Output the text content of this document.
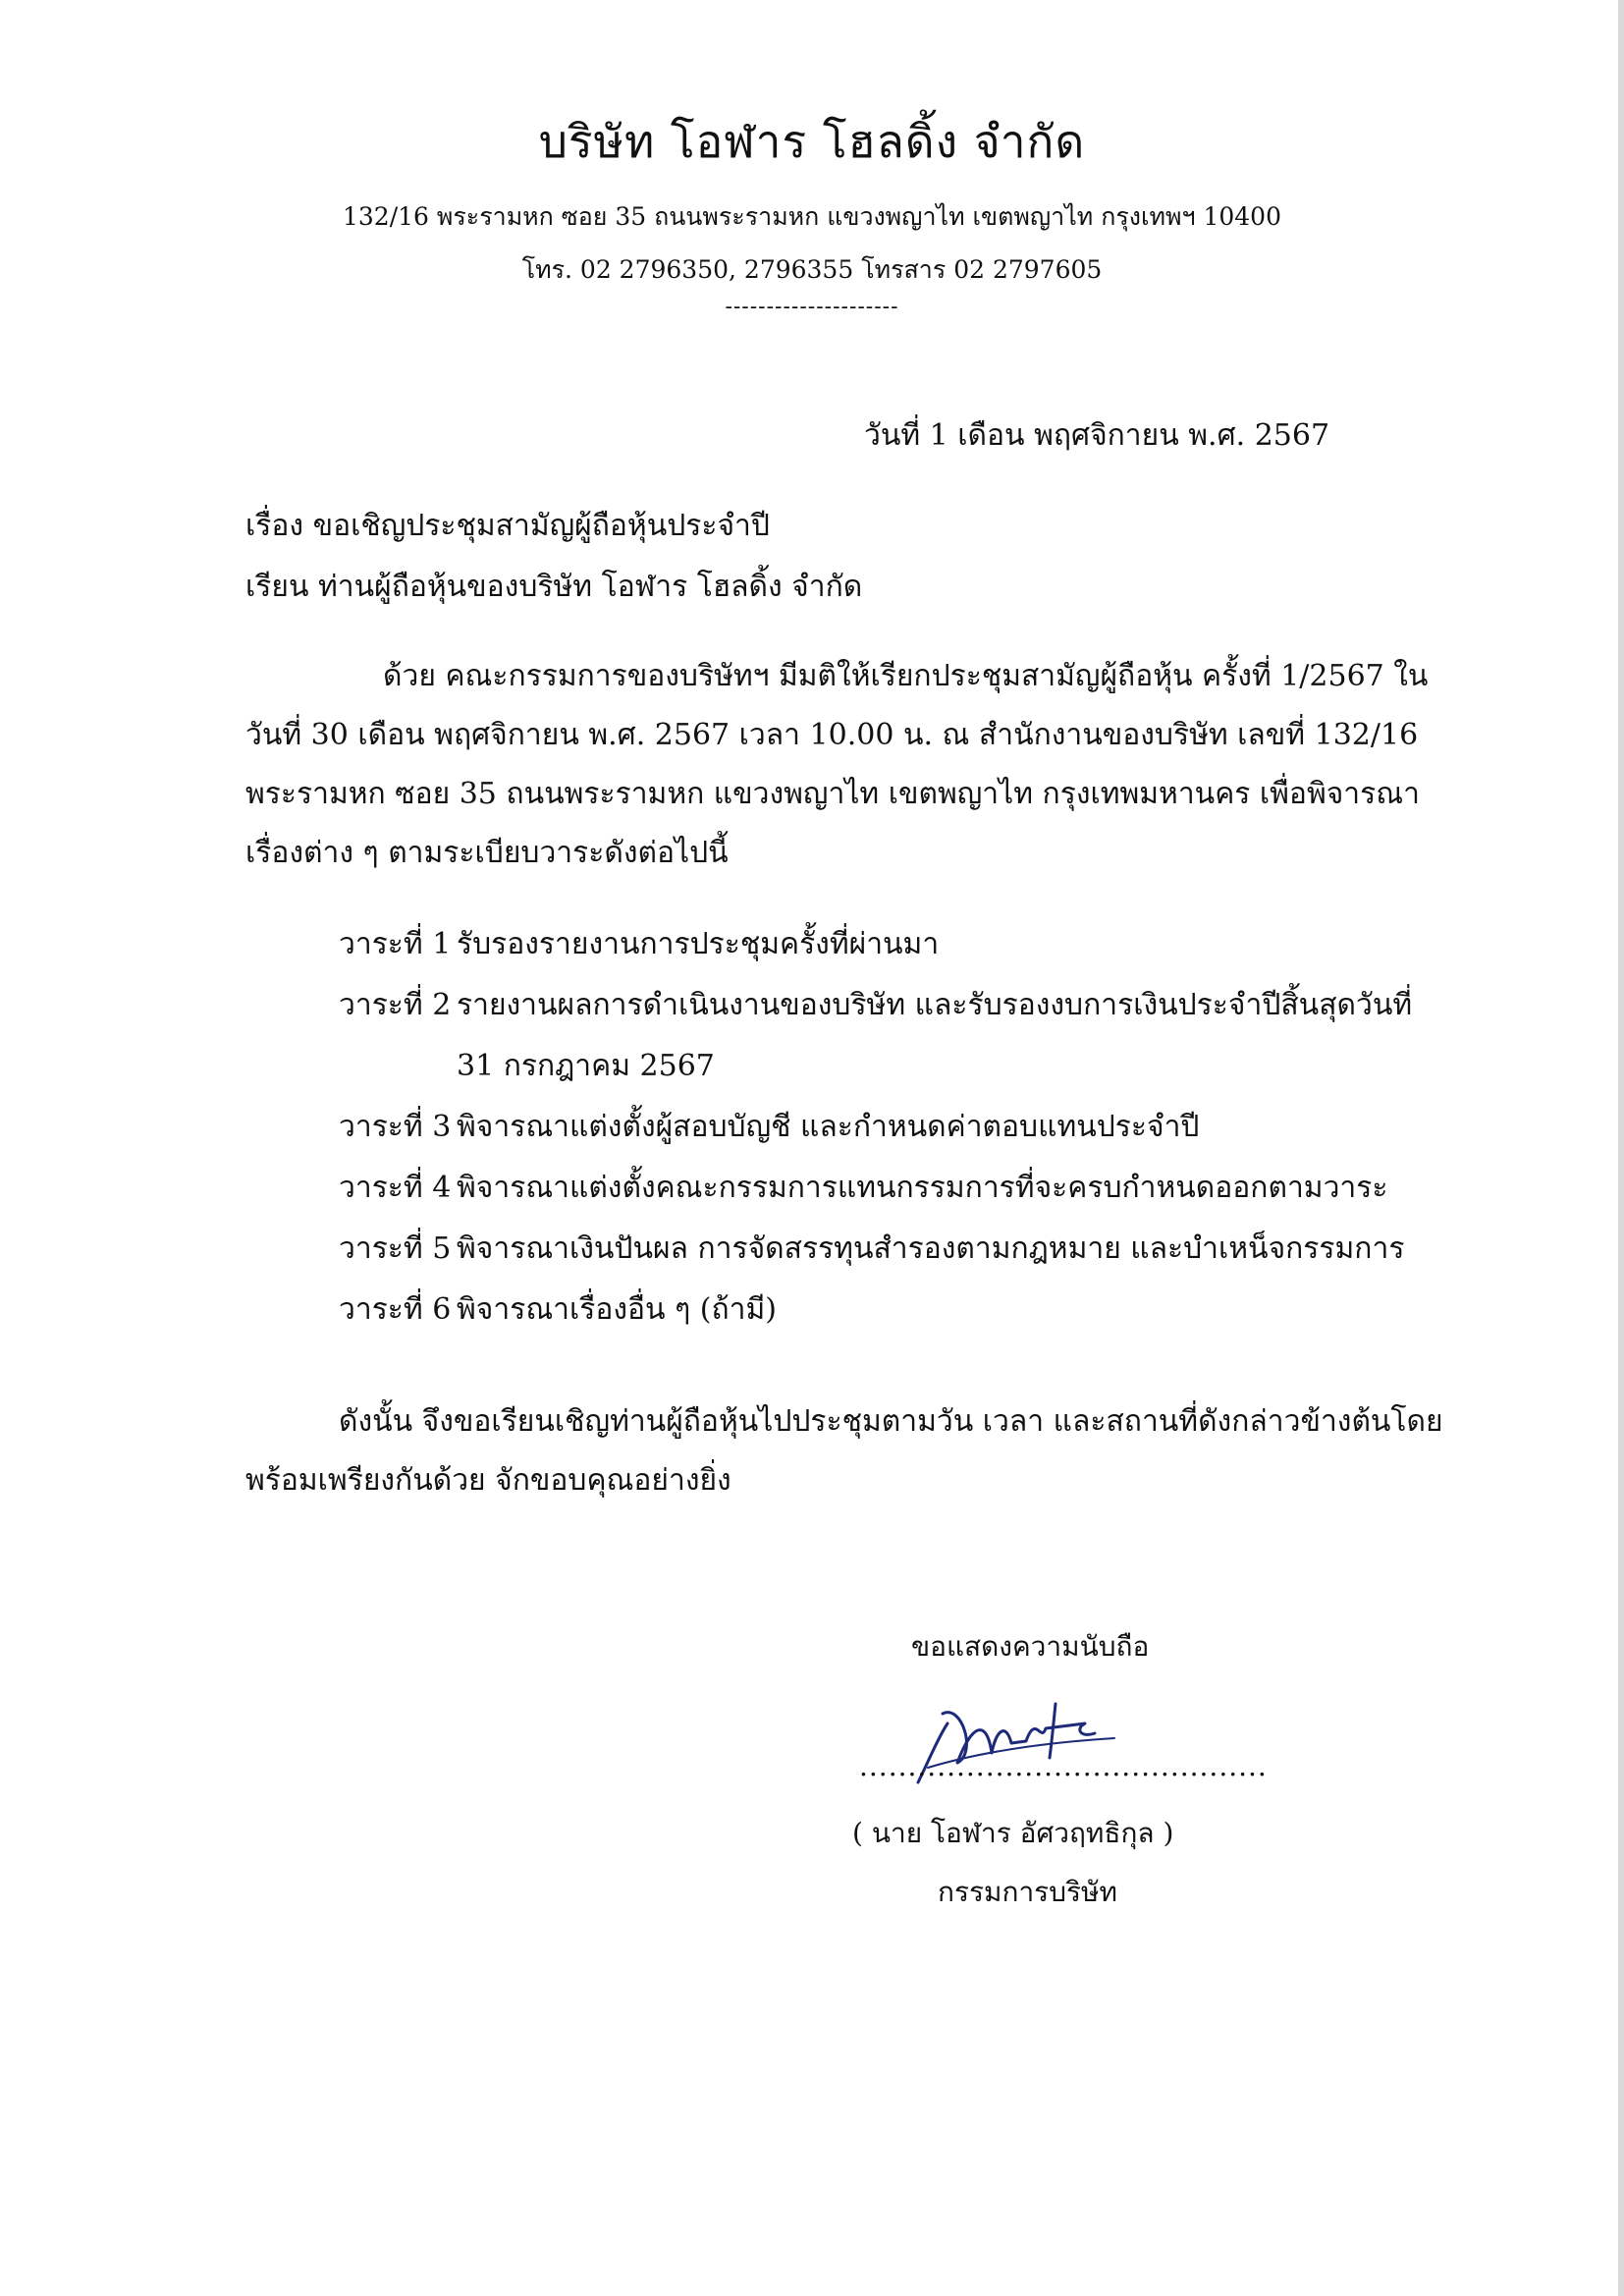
บริษัท โอฬาร โฮลดิ้ง จำกัด
132/16 พระรามหก ซอย 35 ถนนพระรามหก แขวงพญาไท เขตพญาไท กรุงเทพฯ 10400
โทร. 02 2796350, 2796355 โทรสาร 02 2797605
---------------------
วันที่ 1 เดือน พฤศจิกายน พ.ศ. 2567
เรื่อง ขอเชิญประชุมสามัญผู้ถือหุ้นประจำปี
เรียน ท่านผู้ถือหุ้นของบริษัท โอฬาร โฮลดิ้ง จำกัด
ด้วย คณะกรรมการของบริษัทฯ มีมติให้เรียกประชุมสามัญผู้ถือหุ้น ครั้งที่ 1/2567 ใน
วันที่ 30 เดือน พฤศจิกายน พ.ศ. 2567 เวลา 10.00 น. ณ สำนักงานของบริษัท เลขที่ 132/16
พระรามหก ซอย 35 ถนนพระรามหก แขวงพญาไท เขตพญาไท กรุงเทพมหานคร เพื่อพิจารณา
เรื่องต่าง ๆ ตามระเบียบวาระดังต่อไปนี้
วาระที่ 1 รับรองรายงานการประชุมครั้งที่ผ่านมา
วาระที่ 2 รายงานผลการดำเนินงานของบริษัท และรับรองงบการเงินประจำปีสิ้นสุดวันที่
31 กรกฎาคม 2567
วาระที่ 3 พิจารณาแต่งตั้งผู้สอบบัญชี และกำหนดค่าตอบแทนประจำปี
วาระที่ 4 พิจารณาแต่งตั้งคณะกรรมการแทนกรรมการที่จะครบกำหนดออกตามวาระ
วาระที่ 5 พิจารณาเงินปันผล การจัดสรรทุนสำรองตามกฎหมาย และบำเหน็จกรรมการ
วาระที่ 6 พิจารณาเรื่องอื่น ๆ (ถ้ามี)
ดังนั้น จึงขอเรียนเชิญท่านผู้ถือหุ้นไปประชุมตามวัน เวลา และสถานที่ดังกล่าวข้างต้นโดย
พร้อมเพรียงกันด้วย จักขอบคุณอย่างยิ่ง
ขอแสดงความนับถือ
..........................................
( นาย โอฬาร อัศวฤทธิกุล )
กรรมการบริษัท
